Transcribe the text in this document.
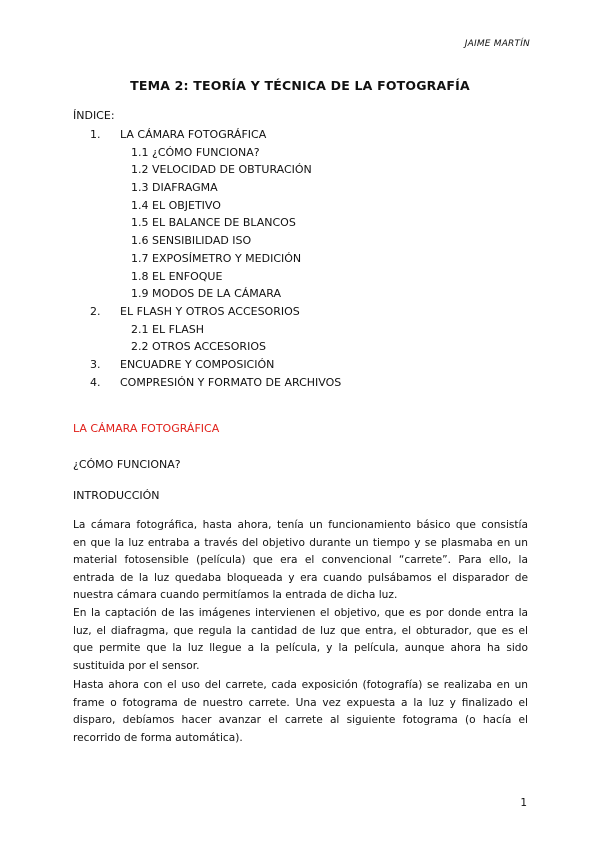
JAIME MARTÍN
TEMA 2: TEORÍA Y TÉCNICA DE LA FOTOGRAFÍA
ÍNDICE:
1. LA CÁMARA FOTOGRÁFICA
1.1 ¿CÓMO FUNCIONA?
1.2 VELOCIDAD DE OBTURACIÓN
1.3 DIAFRAGMA
1.4 EL OBJETIVO
1.5 EL BALANCE DE BLANCOS
1.6 SENSIBILIDAD ISO
1.7 EXPOSÍMETRO Y MEDICIÓN
1.8 EL ENFOQUE
1.9 MODOS DE LA CÁMARA
2. EL FLASH Y OTROS ACCESORIOS
2.1 EL FLASH
2.2 OTROS ACCESORIOS
3. ENCUADRE Y COMPOSICIÓN
4. COMPRESIÓN Y FORMATO DE ARCHIVOS
LA CÁMARA FOTOGRÁFICA
¿CÓMO FUNCIONA?
INTRODUCCIÓN
La cámara fotográfica, hasta ahora, tenía un funcionamiento básico que consistía
en que la luz entraba a través del objetivo durante un tiempo y se plasmaba en un
material fotosensible (película) que era el convencional “carrete”. Para ello, la
entrada de la luz quedaba bloqueada y era cuando pulsábamos el disparador de
nuestra cámara cuando permitíamos la entrada de dicha luz.
En la captación de las imágenes intervienen el objetivo, que es por donde entra la
luz, el diafragma, que regula la cantidad de luz que entra, el obturador, que es el
que permite que la luz llegue a la película, y la película, aunque ahora ha sido
sustituida por el sensor.
Hasta ahora con el uso del carrete, cada exposición (fotografía) se realizaba en un
frame o fotograma de nuestro carrete. Una vez expuesta a la luz y finalizado el
disparo, debíamos hacer avanzar el carrete al siguiente fotograma (o hacía el
recorrido de forma automática).
1
